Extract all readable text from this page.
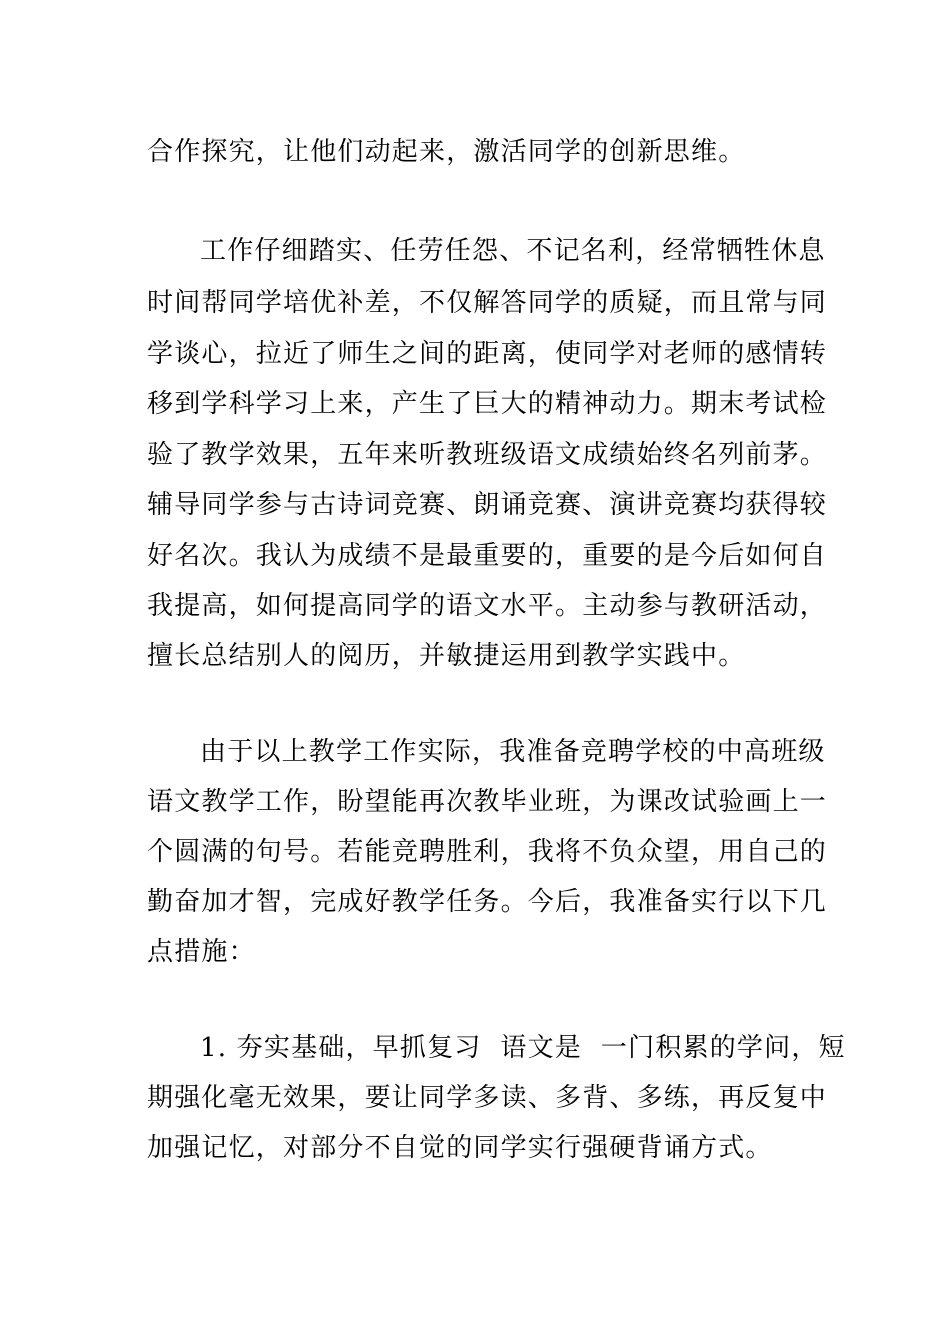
合作探究，让他们动起来，激活同学的创新思维。
工作仔细踏实、任劳任怨、不记名利，经常牺牲休息
时间帮同学培优补差，不仅解答同学的质疑，而且常与同
学谈心，拉近了师生之间的距离，使同学对老师的感情转
移到学科学习上来，产生了巨大的精神动力。期末考试检
验了教学效果，五年来听教班级语文成绩始终名列前茅。
辅导同学参与古诗词竞赛、朗诵竞赛、演讲竞赛均获得较
好名次。我认为成绩不是最重要的，重要的是今后如何自
我提高，如何提高同学的语文水平。主动参与教研活动，
擅长总结别人的阅历，并敏捷运用到教学实践中。
由于以上教学工作实际，我准备竞聘学校的中高班级
语文教学工作，盼望能再次教毕业班，为课改试验画上一
个圆满的句号。若能竞聘胜利，我将不负众望，用自己的
勤奋加才智，完成好教学任务。今后，我准备实行以下几
点措施：
1. 夯实基础，早抓复习  语文是  一门积累的学问，短
期强化毫无效果，要让同学多读、多背、多练，再反复中
加强记忆，对部分不自觉的同学实行强硬背诵方式。
